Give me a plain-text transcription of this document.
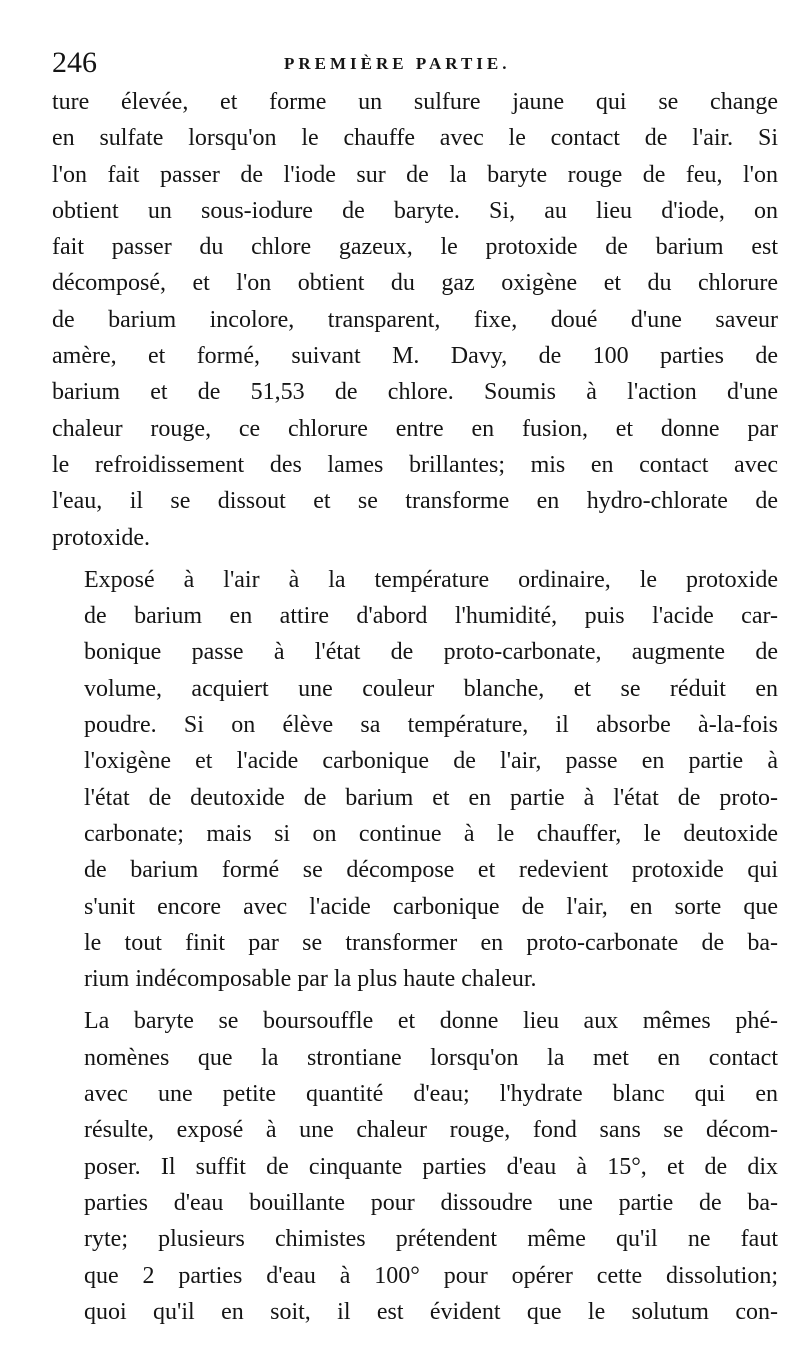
246	PREMIÈRE PARTIE.

ture élevée, et forme un sulfure jaune qui se change
en sulfate lorsqu'on le chauffe avec le contact de l'air. Si
l'on fait passer de l'iode sur de la baryte rouge de feu, l'on
obtient un sous-iodure de baryte. Si, au lieu d'iode, on
fait passer du chlore gazeux, le protoxide de barium est
décomposé, et l'on obtient du gaz oxigène et du chlorure
de barium incolore, transparent, fixe, doué d'une saveur
amère, et formé, suivant M. Davy, de 100 parties de
barium et de 51,53 de chlore. Soumis à l'action d'une
chaleur rouge, ce chlorure entre en fusion, et donne par
le refroidissement des lames brillantes; mis en contact avec
l'eau, il se dissout et se transforme en hydro-chlorate de
protoxide.

Exposé à l'air à la température ordinaire, le protoxide
de barium en attire d'abord l'humidité, puis l'acide car-
bonique passe à l'état de proto-carbonate, augmente de
volume, acquiert une couleur blanche, et se réduit en
poudre. Si on élève sa température, il absorbe à-la-fois
l'oxigène et l'acide carbonique de l'air, passe en partie à
l'état de deutoxide de barium et en partie à l'état de proto-
carbonate; mais si on continue à le chauffer, le deutoxide
de barium formé se décompose et redevient protoxide qui
s'unit encore avec l'acide carbonique de l'air, en sorte que
le tout finit par se transformer en proto-carbonate de ba-
rium indécomposable par la plus haute chaleur.

La baryte se boursouffle et donne lieu aux mêmes phé-
nomènes que la strontiane lorsqu'on la met en contact
avec une petite quantité d'eau; l'hydrate blanc qui en
résulte, exposé à une chaleur rouge, fond sans se décom-
poser. Il suffit de cinquante parties d'eau à 15°, et de dix
parties d'eau bouillante pour dissoudre une partie de ba-
ryte; plusieurs chimistes prétendent même qu'il ne faut
que 2 parties d'eau à 100° pour opérer cette dissolution;
quoi qu'il en soit, il est évident que le solutum con-
